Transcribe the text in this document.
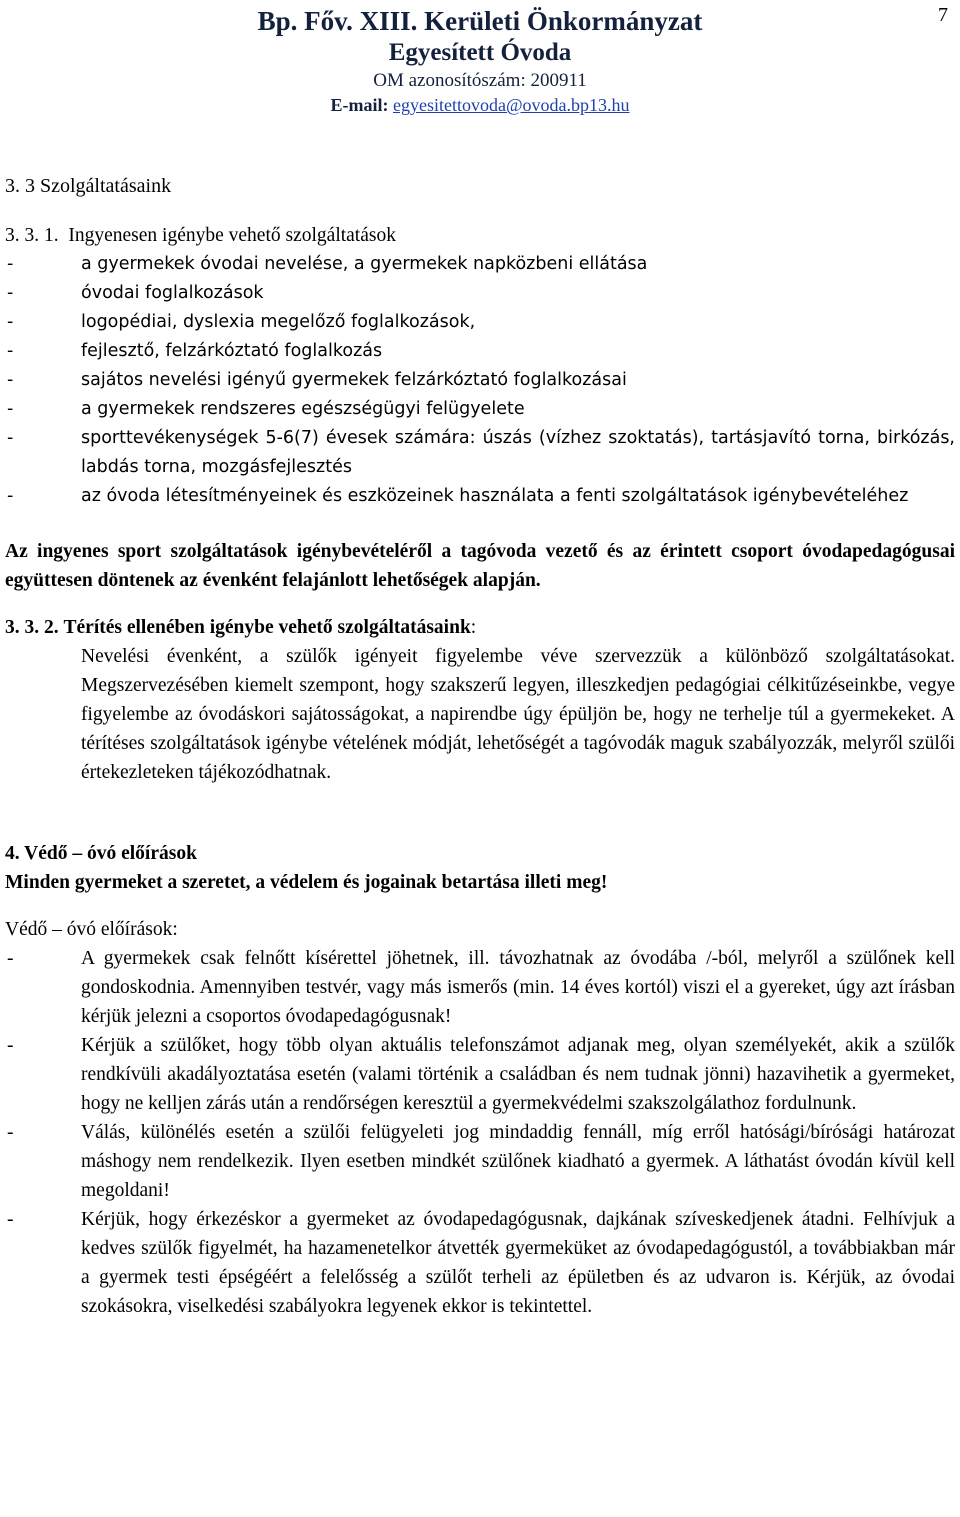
7
Bp. Főv. XIII. Kerületi Önkormányzat
Egyesített Óvoda
OM azonosítószám: 200911
E-mail: egyesitettovoda@ovoda.bp13.hu

3. 3 Szolgáltatásaink

3. 3. 1. Ingyenesen igénybe vehető szolgáltatások

-	a gyermekek óvodai nevelése, a gyermekek napközbeni ellátása
-	óvodai foglalkozások
-	logopédiai, dyslexia megelőző foglalkozások,
-	fejlesztő, felzárkóztató foglalkozás
-	sajátos nevelési igényű gyermekek felzárkóztató foglalkozásai
-	a gyermekek rendszeres egészségügyi felügyelete
-	sporttevékenységek 5-6(7) évesek számára: úszás (vízhez szoktatás), tartásjavító torna, birkózás, labdás torna, mozgásfejlesztés
-	az óvoda létesítményeinek és eszközeinek használata a fenti szolgáltatások igénybevételéhez

Az ingyenes sport szolgáltatások igénybevételéről a tagóvoda vezető és az érintett csoport óvodapedagógusai együttesen döntenek az évenként felajánlott lehetőségek alapján.

3. 3. 2. Térítés ellenében igénybe vehető szolgáltatásaink:

Nevelési évenként, a szülők igényeit figyelembe véve szervezzük a különböző szolgáltatásokat. Megszervezésében kiemelt szempont, hogy szakszerű legyen, illeszkedjen pedagógiai célkitűzéseinkbe, vegye figyelembe az óvodáskori sajátosságokat, a napirendbe úgy épüljön be, hogy ne terhelje túl a gyermekeket. A térítéses szolgáltatások igénybe vételének módját, lehetőségét a tagóvodák maguk szabályozzák, melyről szülői értekezleteken tájékozódhatnak.

4. Védő – óvó előírások

Minden gyermeket a szeretet, a védelem és jogainak betartása illeti meg!

Védő – óvó előírások:

-	A gyermekek csak felnőtt kísérettel jöhetnek, ill. távozhatnak az óvodába /-ból, melyről a szülőnek kell gondoskodnia. Amennyiben testvér, vagy más ismerős (min. 14 éves kortól) viszi el a gyereket, úgy azt írásban kérjük jelezni a csoportos óvodapedagógusnak!
-	Kérjük a szülőket, hogy több olyan aktuális telefonszámot adjanak meg, olyan személyekét, akik a szülők rendkívüli akadályoztatása esetén (valami történik a családban és nem tudnak jönni) hazavihetik a gyermeket, hogy ne kelljen zárás után a rendőrségen keresztül a gyermekvédelmi szakszolgálathoz fordulnunk.
-	Válás, különélés esetén a szülői felügyeleti jog mindaddig fennáll, míg erről hatósági/bírósági határozat máshogy nem rendelkezik. Ilyen esetben mindkét szülőnek kiadható a gyermek. A láthatást óvodán kívül kell megoldani!
-	Kérjük, hogy érkezéskor a gyermeket az óvodapedagógusnak, dajkának szíveskedjenek átadni. Felhívjuk a kedves szülők figyelmét, ha hazamenetelkor átvették gyermeküket az óvodapedagógustól, a továbbiakban már a gyermek testi épségéért a felelősség a szülőt terheli az épületben és az udvaron is. Kérjük, az óvodai szokásokra, viselkedési szabályokra legyenek ekkor is tekintettel.
